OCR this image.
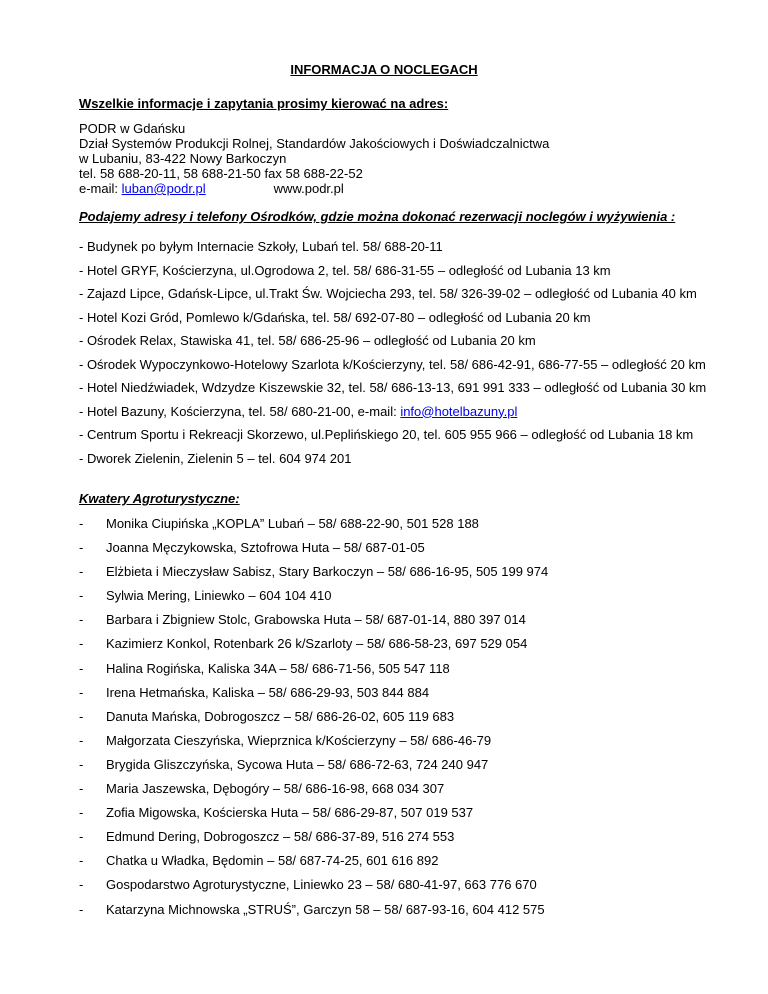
INFORMACJA O NOCLEGACH
Wszelkie informacje i zapytania prosimy kierować na adres:
PODR w Gdańsku
Dział Systemów Produkcji Rolnej, Standardów Jakościowych i Doświadczalnictwa
w Lubaniu, 83-422 Nowy Barkoczyn
tel. 58 688-20-11, 58 688-21-50 fax 58 688-22-52
e-mail: luban@podr.pl	www.podr.pl
Podajemy adresy i telefony Ośrodków, gdzie można dokonać rezerwacji noclegów i wyżywienia :
- Budynek po byłym Internacie Szkoły, Lubań tel. 58/ 688-20-11
- Hotel GRYF, Kościerzyna, ul.Ogrodowa 2, tel. 58/ 686-31-55 – odległość od Lubania 13 km
- Zajazd Lipce, Gdańsk-Lipce, ul.Trakt Św. Wojciecha 293, tel. 58/ 326-39-02 – odległość od Lubania 40 km
- Hotel Kozi Gród, Pomlewo k/Gdańska, tel. 58/ 692-07-80 – odległość od Lubania 20 km
- Ośrodek Relax, Stawiska 41, tel. 58/ 686-25-96 – odległość od Lubania 20 km
- Ośrodek Wypoczynkowo-Hotelowy Szarlota k/Kościerzyny, tel. 58/ 686-42-91, 686-77-55 – odległość 20 km
- Hotel Niedźwiadek, Wdzydze Kiszewskie 32, tel. 58/ 686-13-13, 691 991 333 – odległość od Lubania 30 km
- Hotel Bazuny, Kościerzyna, tel. 58/ 680-21-00, e-mail: info@hotelbazuny.pl
- Centrum Sportu i Rekreacji Skorzewo, ul.Peplińskiego 20, tel. 605 955 966 – odległość od Lubania 18 km
- Dworek Zielenin, Zielenin 5 – tel. 604 974 201
Kwatery Agroturystyczne:
- Monika Ciupińska „KOPLA” Lubań – 58/ 688-22-90, 501 528 188
- Joanna Męczykowska, Sztofrowa Huta – 58/ 687-01-05
- Elżbieta i Mieczysław Sabisz, Stary Barkoczyn – 58/ 686-16-95, 505 199 974
- Sylwia Mering, Liniewko – 604 104 410
- Barbara i Zbigniew Stolc, Grabowska Huta – 58/ 687-01-14, 880 397 014
- Kazimierz Konkol, Rotenbark 26 k/Szarloty – 58/ 686-58-23, 697 529 054
- Halina Rogińska, Kaliska 34A – 58/ 686-71-56, 505 547 118
- Irena Hetmańska, Kaliska – 58/ 686-29-93, 503 844 884
- Danuta Mańska, Dobrogoszcz – 58/ 686-26-02, 605 119 683
- Małgorzata Cieszyńska, Wieprznica k/Kościerzyny – 58/ 686-46-79
- Brygida Gliszczyńska, Sycowa Huta – 58/ 686-72-63, 724 240 947
- Maria Jaszewska, Dębogóry – 58/ 686-16-98, 668 034 307
- Zofia Migowska, Kościerska Huta – 58/ 686-29-87, 507 019 537
- Edmund Dering, Dobrogoszcz – 58/ 686-37-89, 516 274 553
- Chatka u Władka, Będomin – 58/ 687-74-25, 601 616 892
- Gospodarstwo Agroturystyczne, Liniewko 23 – 58/ 680-41-97, 663 776 670
- Katarzyna Michnowska „STRUŚ”, Garczyn 58 – 58/ 687-93-16, 604 412 575
